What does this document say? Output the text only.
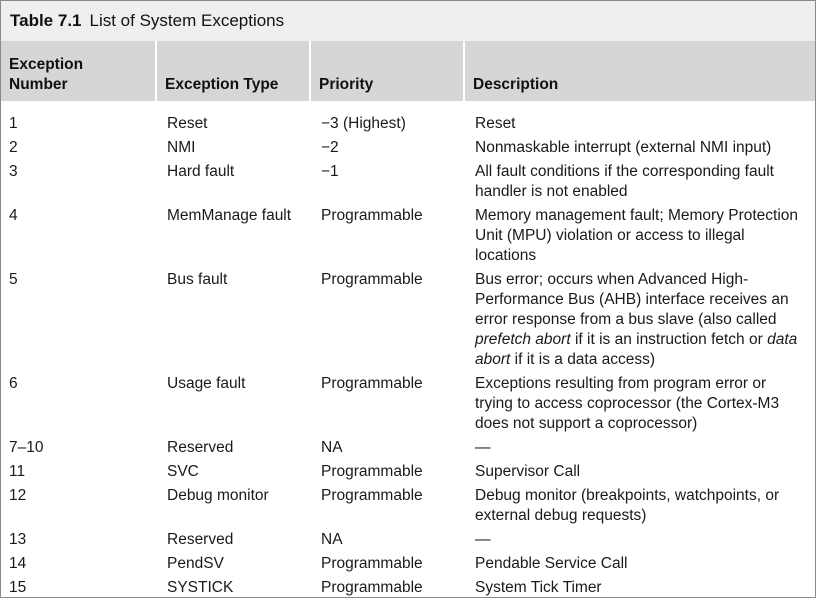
Table 7.1 List of System Exceptions
Exception
Number	Exception Type	Priority	Description
1	Reset	−3 (Highest)	Reset
2	NMI	−2	Nonmaskable interrupt (external NMI input)
3	Hard fault	−1	All fault conditions if the corresponding fault handler is not enabled
4	MemManage fault	Programmable	Memory management fault; Memory Protection Unit (MPU) violation or access to illegal locations
5	Bus fault	Programmable	Bus error; occurs when Advanced High-Performance Bus (AHB) interface receives an error response from a bus slave (also called prefetch abort if it is an instruction fetch or data abort if it is a data access)
6	Usage fault	Programmable	Exceptions resulting from program error or trying to access coprocessor (the Cortex-M3 does not support a coprocessor)
7–10	Reserved	NA	—
11	SVC	Programmable	Supervisor Call
12	Debug monitor	Programmable	Debug monitor (breakpoints, watchpoints, or external debug requests)
13	Reserved	NA	—
14	PendSV	Programmable	Pendable Service Call
15	SYSTICK	Programmable	System Tick Timer
